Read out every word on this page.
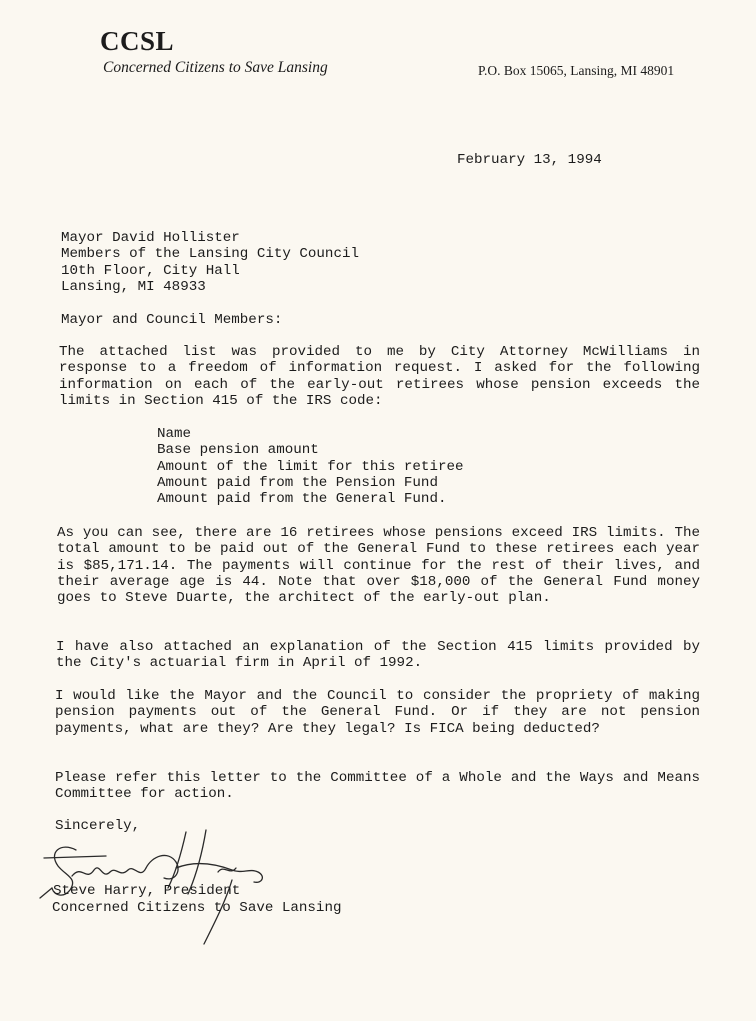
CCSL
Concerned Citizens to Save Lansing	P.O. Box 15065, Lansing, MI 48901
February 13, 1994
Mayor David Hollister
Members of the Lansing City Council
10th Floor, City Hall
Lansing, MI 48933
Mayor and Council Members:
The attached list was provided to me by City Attorney McWilliams in response to a freedom of information request. I asked for the following information on each of the early-out retirees whose pension exceeds the limits in Section 415 of the IRS code:
Name
Base pension amount
Amount of the limit for this retiree
Amount paid from the Pension Fund
Amount paid from the General Fund.
As you can see, there are 16 retirees whose pensions exceed IRS limits. The total amount to be paid out of the General Fund to these retirees each year is $85,171.14. The payments will continue for the rest of their lives, and their average age is 44. Note that over $18,000 of the General Fund money goes to Steve Duarte, the architect of the early-out plan.
I have also attached an explanation of the Section 415 limits provided by the City's actuarial firm in April of 1992.
I would like the Mayor and the Council to consider the propriety of making pension payments out of the General Fund. Or if they are not pension payments, what are they? Are they legal? Is FICA being deducted?
Please refer this letter to the Committee of a Whole and the Ways and Means Committee for action.
Sincerely,
Steve Harry, President
Concerned Citizens to Save Lansing
